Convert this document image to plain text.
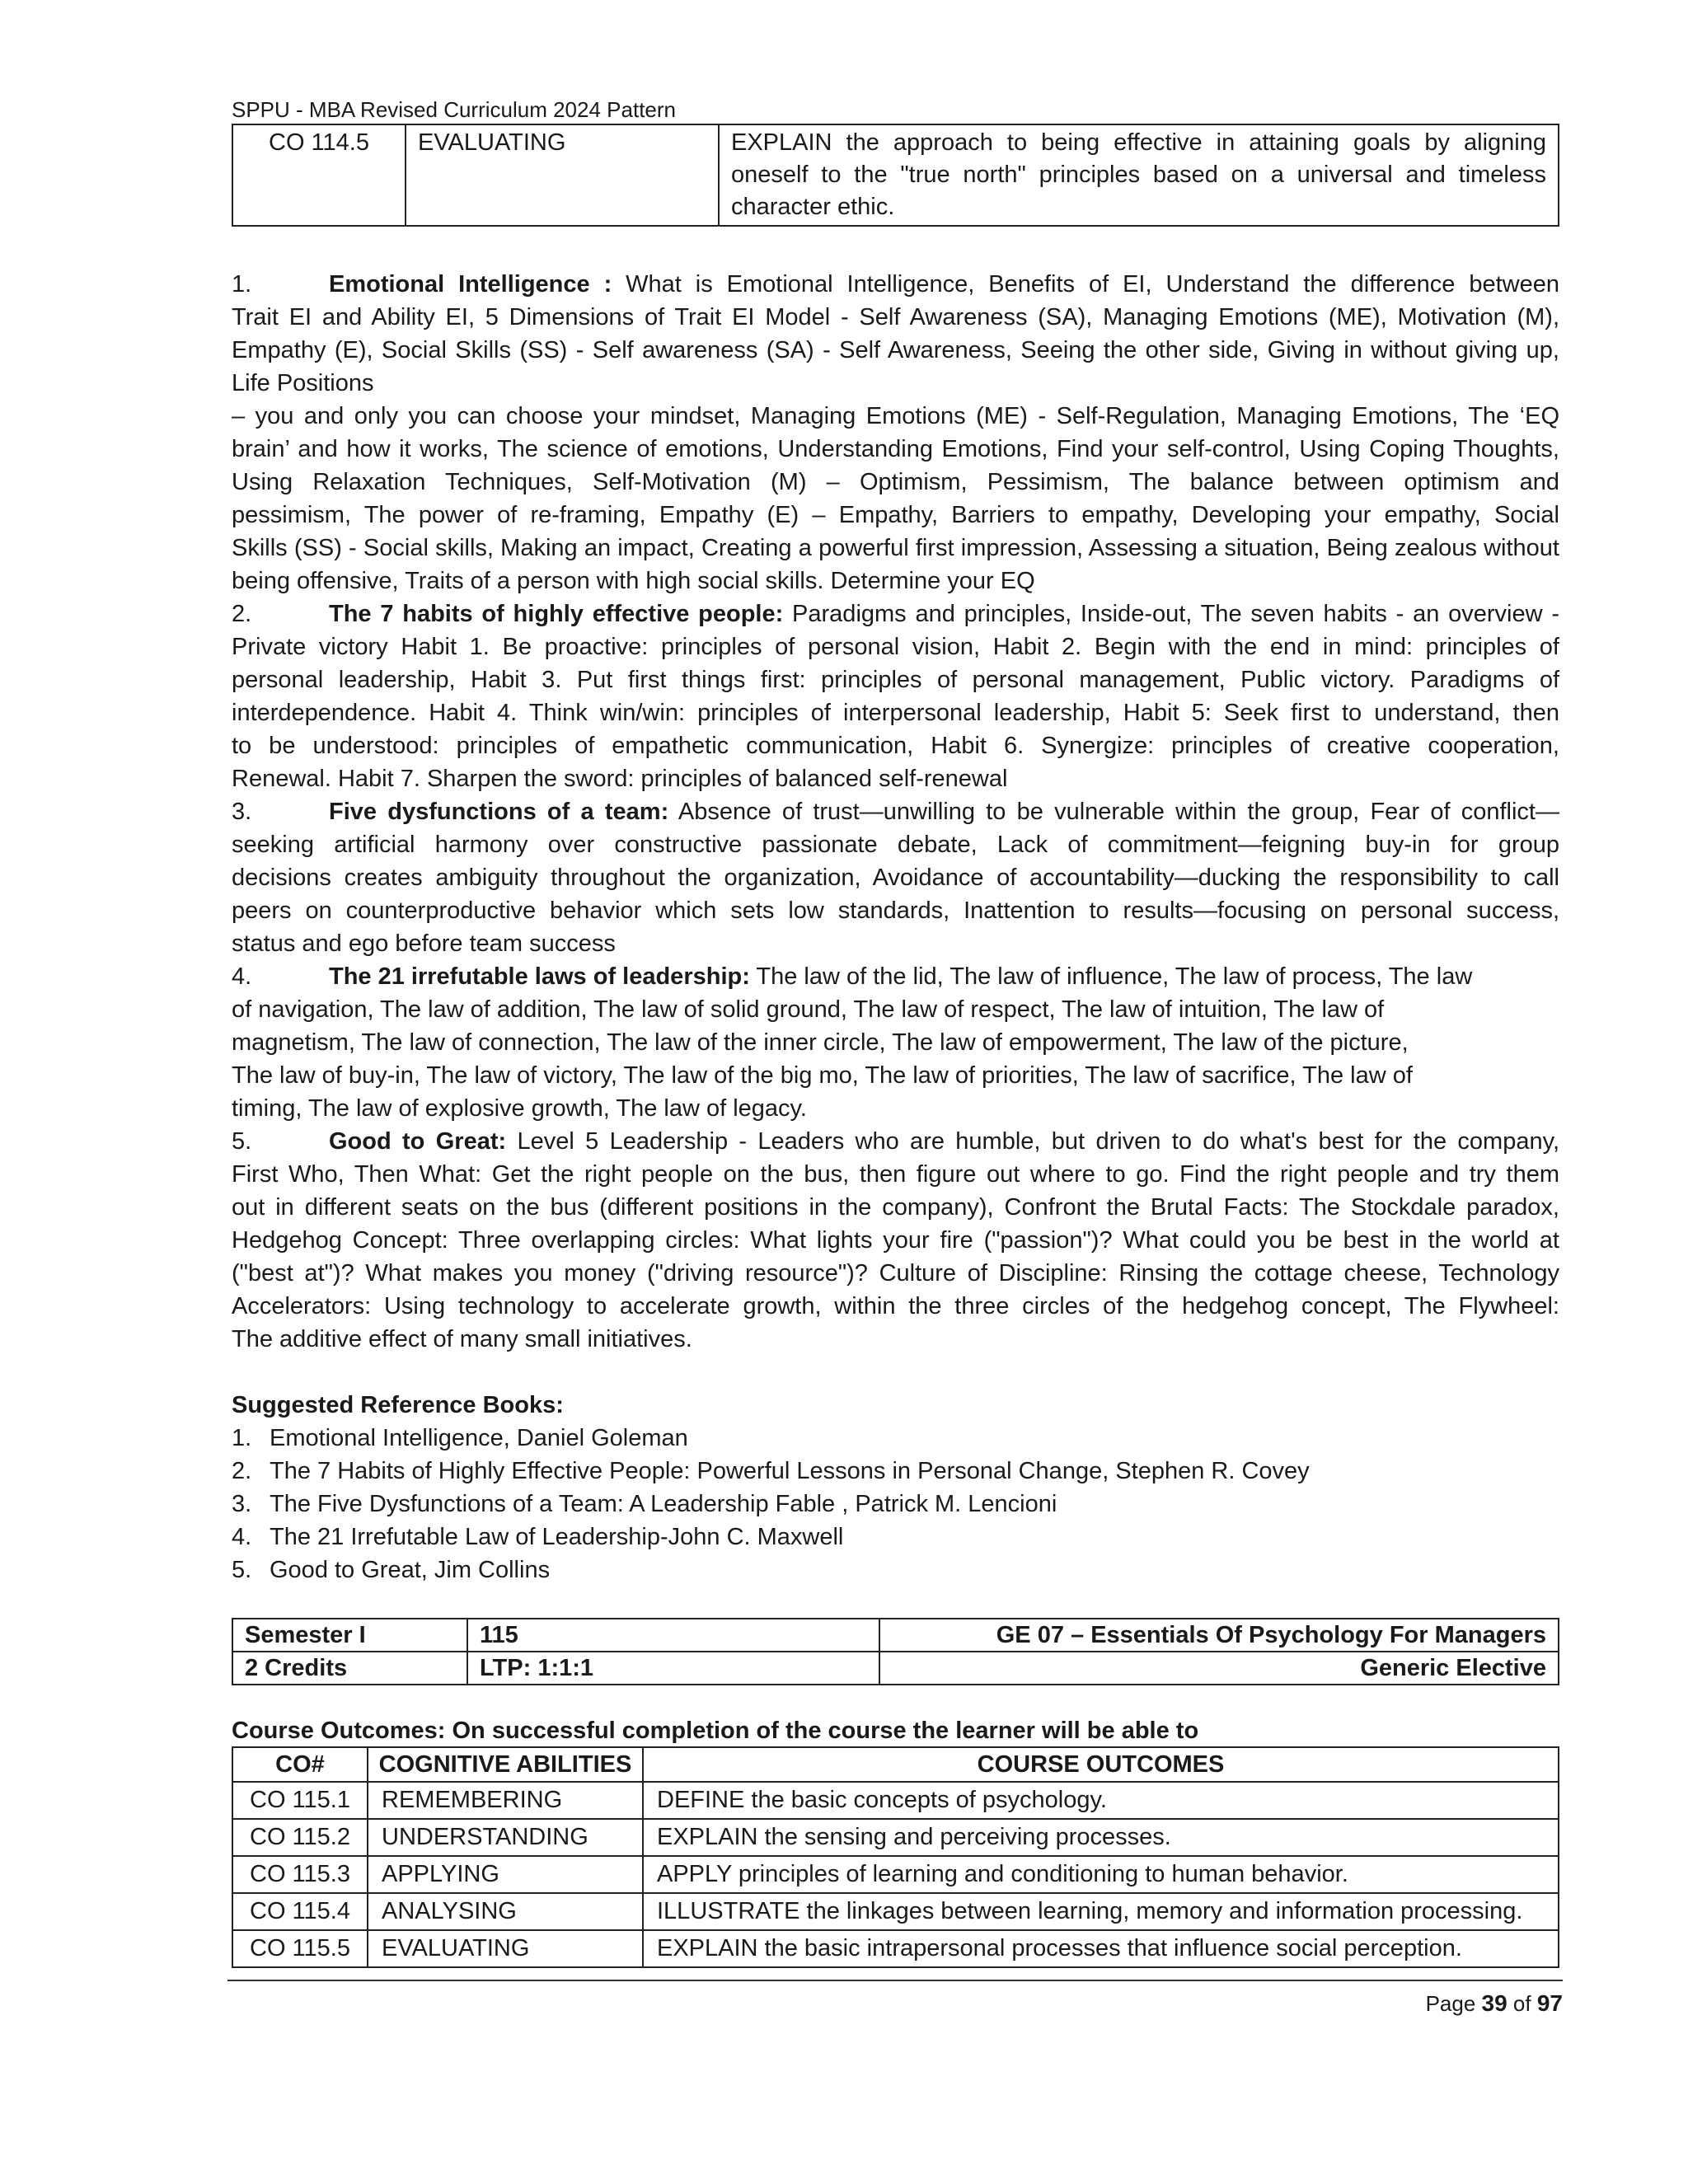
SPPU - MBA Revised Curriculum 2024 Pattern
CO 114.5	EVALUATING	EXPLAIN the approach to being effective in attaining goals by aligning oneself to the "true north" principles based on a universal and timeless character ethic.
1.	Emotional Intelligence : What is Emotional Intelligence, Benefits of EI, Understand the difference between
Trait EI and Ability EI, 5 Dimensions of Trait EI Model - Self Awareness (SA), Managing Emotions (ME), Motivation (M),
Empathy (E), Social Skills (SS) - Self awareness (SA) - Self Awareness, Seeing the other side, Giving in without giving up,
Life Positions
– you and only you can choose your mindset, Managing Emotions (ME) - Self-Regulation, Managing Emotions, The ‘EQ
brain’ and how it works, The science of emotions, Understanding Emotions, Find your self-control, Using Coping Thoughts,
Using Relaxation Techniques, Self-Motivation (M) – Optimism, Pessimism, The balance between optimism and
pessimism, The power of re-framing, Empathy (E) – Empathy, Barriers to empathy, Developing your empathy, Social
Skills (SS) - Social skills, Making an impact, Creating a powerful first impression, Assessing a situation, Being zealous without
being offensive, Traits of a person with high social skills. Determine your EQ
2.	The 7 habits of highly effective people: Paradigms and principles, Inside-out, The seven habits - an overview -
Private victory Habit 1. Be proactive: principles of personal vision, Habit 2. Begin with the end in mind: principles of
personal leadership, Habit 3. Put first things first: principles of personal management, Public victory. Paradigms of
interdependence. Habit 4. Think win/win: principles of interpersonal leadership, Habit 5: Seek first to understand, then
to be understood: principles of empathetic communication, Habit 6. Synergize: principles of creative cooperation,
Renewal. Habit 7. Sharpen the sword: principles of balanced self-renewal
3.	Five dysfunctions of a team: Absence of trust—unwilling to be vulnerable within the group, Fear of conflict—
seeking artificial harmony over constructive passionate debate, Lack of commitment—feigning buy-in for group
decisions creates ambiguity throughout the organization, Avoidance of accountability—ducking the responsibility to call
peers on counterproductive behavior which sets low standards, Inattention to results—focusing on personal success,
status and ego before team success
4.	The 21 irrefutable laws of leadership: The law of the lid, The law of influence, The law of process, The law
of navigation, The law of addition, The law of solid ground, The law of respect, The law of intuition, The law of
magnetism, The law of connection, The law of the inner circle, The law of empowerment, The law of the picture,
The law of buy-in, The law of victory, The law of the big mo, The law of priorities, The law of sacrifice, The law of
timing, The law of explosive growth, The law of legacy.
5.	Good to Great: Level 5 Leadership - Leaders who are humble, but driven to do what's best for the company,
First Who, Then What: Get the right people on the bus, then figure out where to go. Find the right people and try them
out in different seats on the bus (different positions in the company), Confront the Brutal Facts: The Stockdale paradox,
Hedgehog Concept: Three overlapping circles: What lights your fire ("passion")? What could you be best in the world at
("best at")? What makes you money ("driving resource")? Culture of Discipline: Rinsing the cottage cheese, Technology
Accelerators: Using technology to accelerate growth, within the three circles of the hedgehog concept, The Flywheel:
The additive effect of many small initiatives.
Suggested Reference Books:
1. Emotional Intelligence, Daniel Goleman
2. The 7 Habits of Highly Effective People: Powerful Lessons in Personal Change, Stephen R. Covey
3. The Five Dysfunctions of a Team: A Leadership Fable , Patrick M. Lencioni
4. The 21 Irrefutable Law of Leadership-John C. Maxwell
5. Good to Great, Jim Collins
Semester I	115	GE 07 – Essentials Of Psychology For Managers
2 Credits	LTP: 1:1:1	Generic Elective
Course Outcomes: On successful completion of the course the learner will be able to
CO#	COGNITIVE ABILITIES	COURSE OUTCOMES
CO 115.1	REMEMBERING	DEFINE the basic concepts of psychology.
CO 115.2	UNDERSTANDING	EXPLAIN the sensing and perceiving processes.
CO 115.3	APPLYING	APPLY principles of learning and conditioning to human behavior.
CO 115.4	ANALYSING	ILLUSTRATE the linkages between learning, memory and information processing.
CO 115.5	EVALUATING	EXPLAIN the basic intrapersonal processes that influence social perception.
Page 39 of 97
